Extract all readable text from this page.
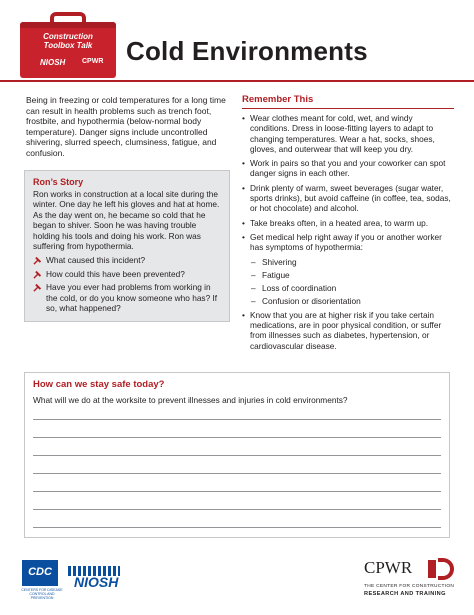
Construction
Toolbox Talk
NIOSH CPWR Cold Environments

Being in freezing or cold temperatures for a long time can result in health problems such as trench foot, frostbite, and hypothermia (below-normal body temperature). Danger signs include uncontrolled shivering, slurred speech, clumsiness, fatigue, and confusion.

Ron’s Story

Ron works in construction at a local site during the winter. One day he left his gloves and hat at home. As the day went on, he became so cold that he began to shiver. Soon he was having trouble holding his tools and doing his work. Ron was suffering from hypothermia.

What caused this incident?
How could this have been prevented?
Have you ever had problems from working in the cold, or do you know someone who has? If so, what happened?
Remember This
• Wear clothes meant for cold, wet, and windy conditions. Dress in loose-fitting layers to adapt to changing temperatures. Wear a hat, socks, shoes, gloves, and outerwear that will keep you dry.
• Work in pairs so that you and your coworker can spot danger signs in each other.
• Drink plenty of warm, sweet beverages (sugar water, sports drinks), but avoid caffeine (in coffee, tea, sodas, or hot chocolate) and alcohol.
• Take breaks often, in a heated area, to warm up.
• Get medical help right away if you or another worker has symptoms of hypothermia:
– Shivering
– Fatigue
– Loss of coordination
– Confusion or disorientation
• Know that you are at higher risk if you take certain medications, are in poor physical condition, or suffer from illnesses such as diabetes, hypertension, or cardiovascular disease.
How can we stay safe today?

What will we do at the worksite to prevent illnesses and injuries in cold environments?

CDC
CENTERS FOR DISEASE CONTROL AND PREVENTION
NIOSH
CPWR
THE CENTER FOR CONSTRUCTION
RESEARCH AND TRAINING
